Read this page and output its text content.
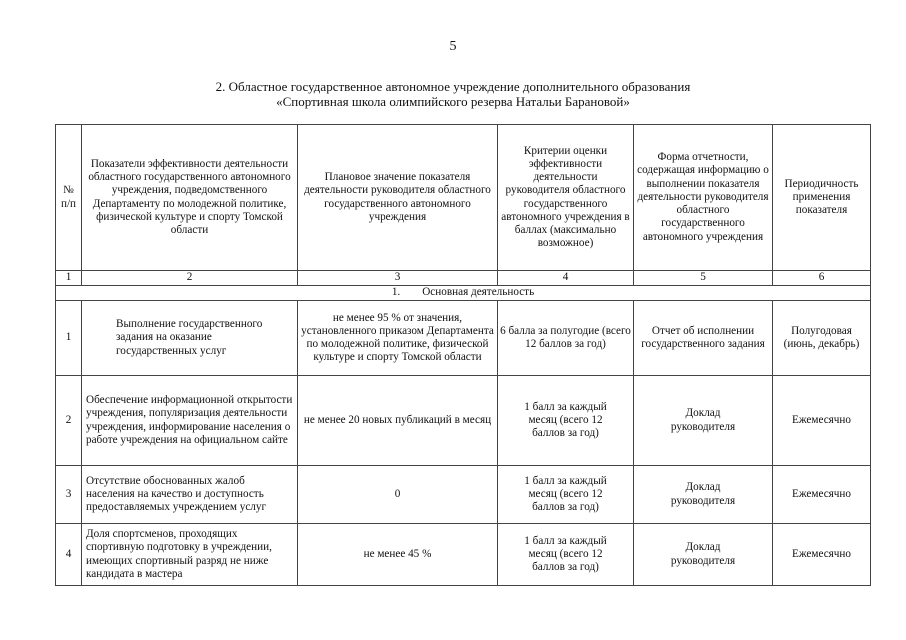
5
2. Областное государственное автономное учреждение дополнительного образования
«Спортивная школа олимпийского резерва Натальи Барановой»
№ п/п	Показатели эффективности деятельности областного государственного автономного учреждения, подведомственного Департаменту по молодежной политике, физической культуре и спорту Томской области	Плановое значение показателя деятельности руководителя областного государственного автономного учреждения	Критерии оценки эффективности деятельности руководителя областного государственного автономного учреждения в баллах (максимально возможное)	Форма отчетности, содержащая информацию о выполнении показателя деятельности руководителя областного государственного автономного учреждения	Периодичность применения показателя
1	2	3	4	5	6
1. Основная деятельность					
1	Выполнение государственного задания на оказание государственных услуг	не менее 95 % от значения, установленного приказом Департамента по молодежной политике, физической культуре и спорту Томской области	6 балла за полугодие (всего 12 баллов за год)	Отчет об исполнении государственного задания	Полугодовая (июнь, декабрь)
2	Обеспечение информационной открытости учреждения, популяризация деятельности учреждения, информирование населения о работе учреждения на официальном сайте	не менее 20 новых публикаций в месяц	1 балл за каждый месяц (всего 12 баллов за год)	Доклад руководителя	Ежемесячно
3	Отсутствие обоснованных жалоб населения на качество и доступность предоставляемых учреждением услуг	0	1 балл за каждый месяц (всего 12 баллов за год)	Доклад руководителя	Ежемесячно
4	Доля спортсменов, проходящих спортивную подготовку в учреждении, имеющих спортивный разряд не ниже кандидата в мастера	не менее 45 %	1 балл за каждый месяц (всего 12 баллов за год)	Доклад руководителя	Ежемесячно
